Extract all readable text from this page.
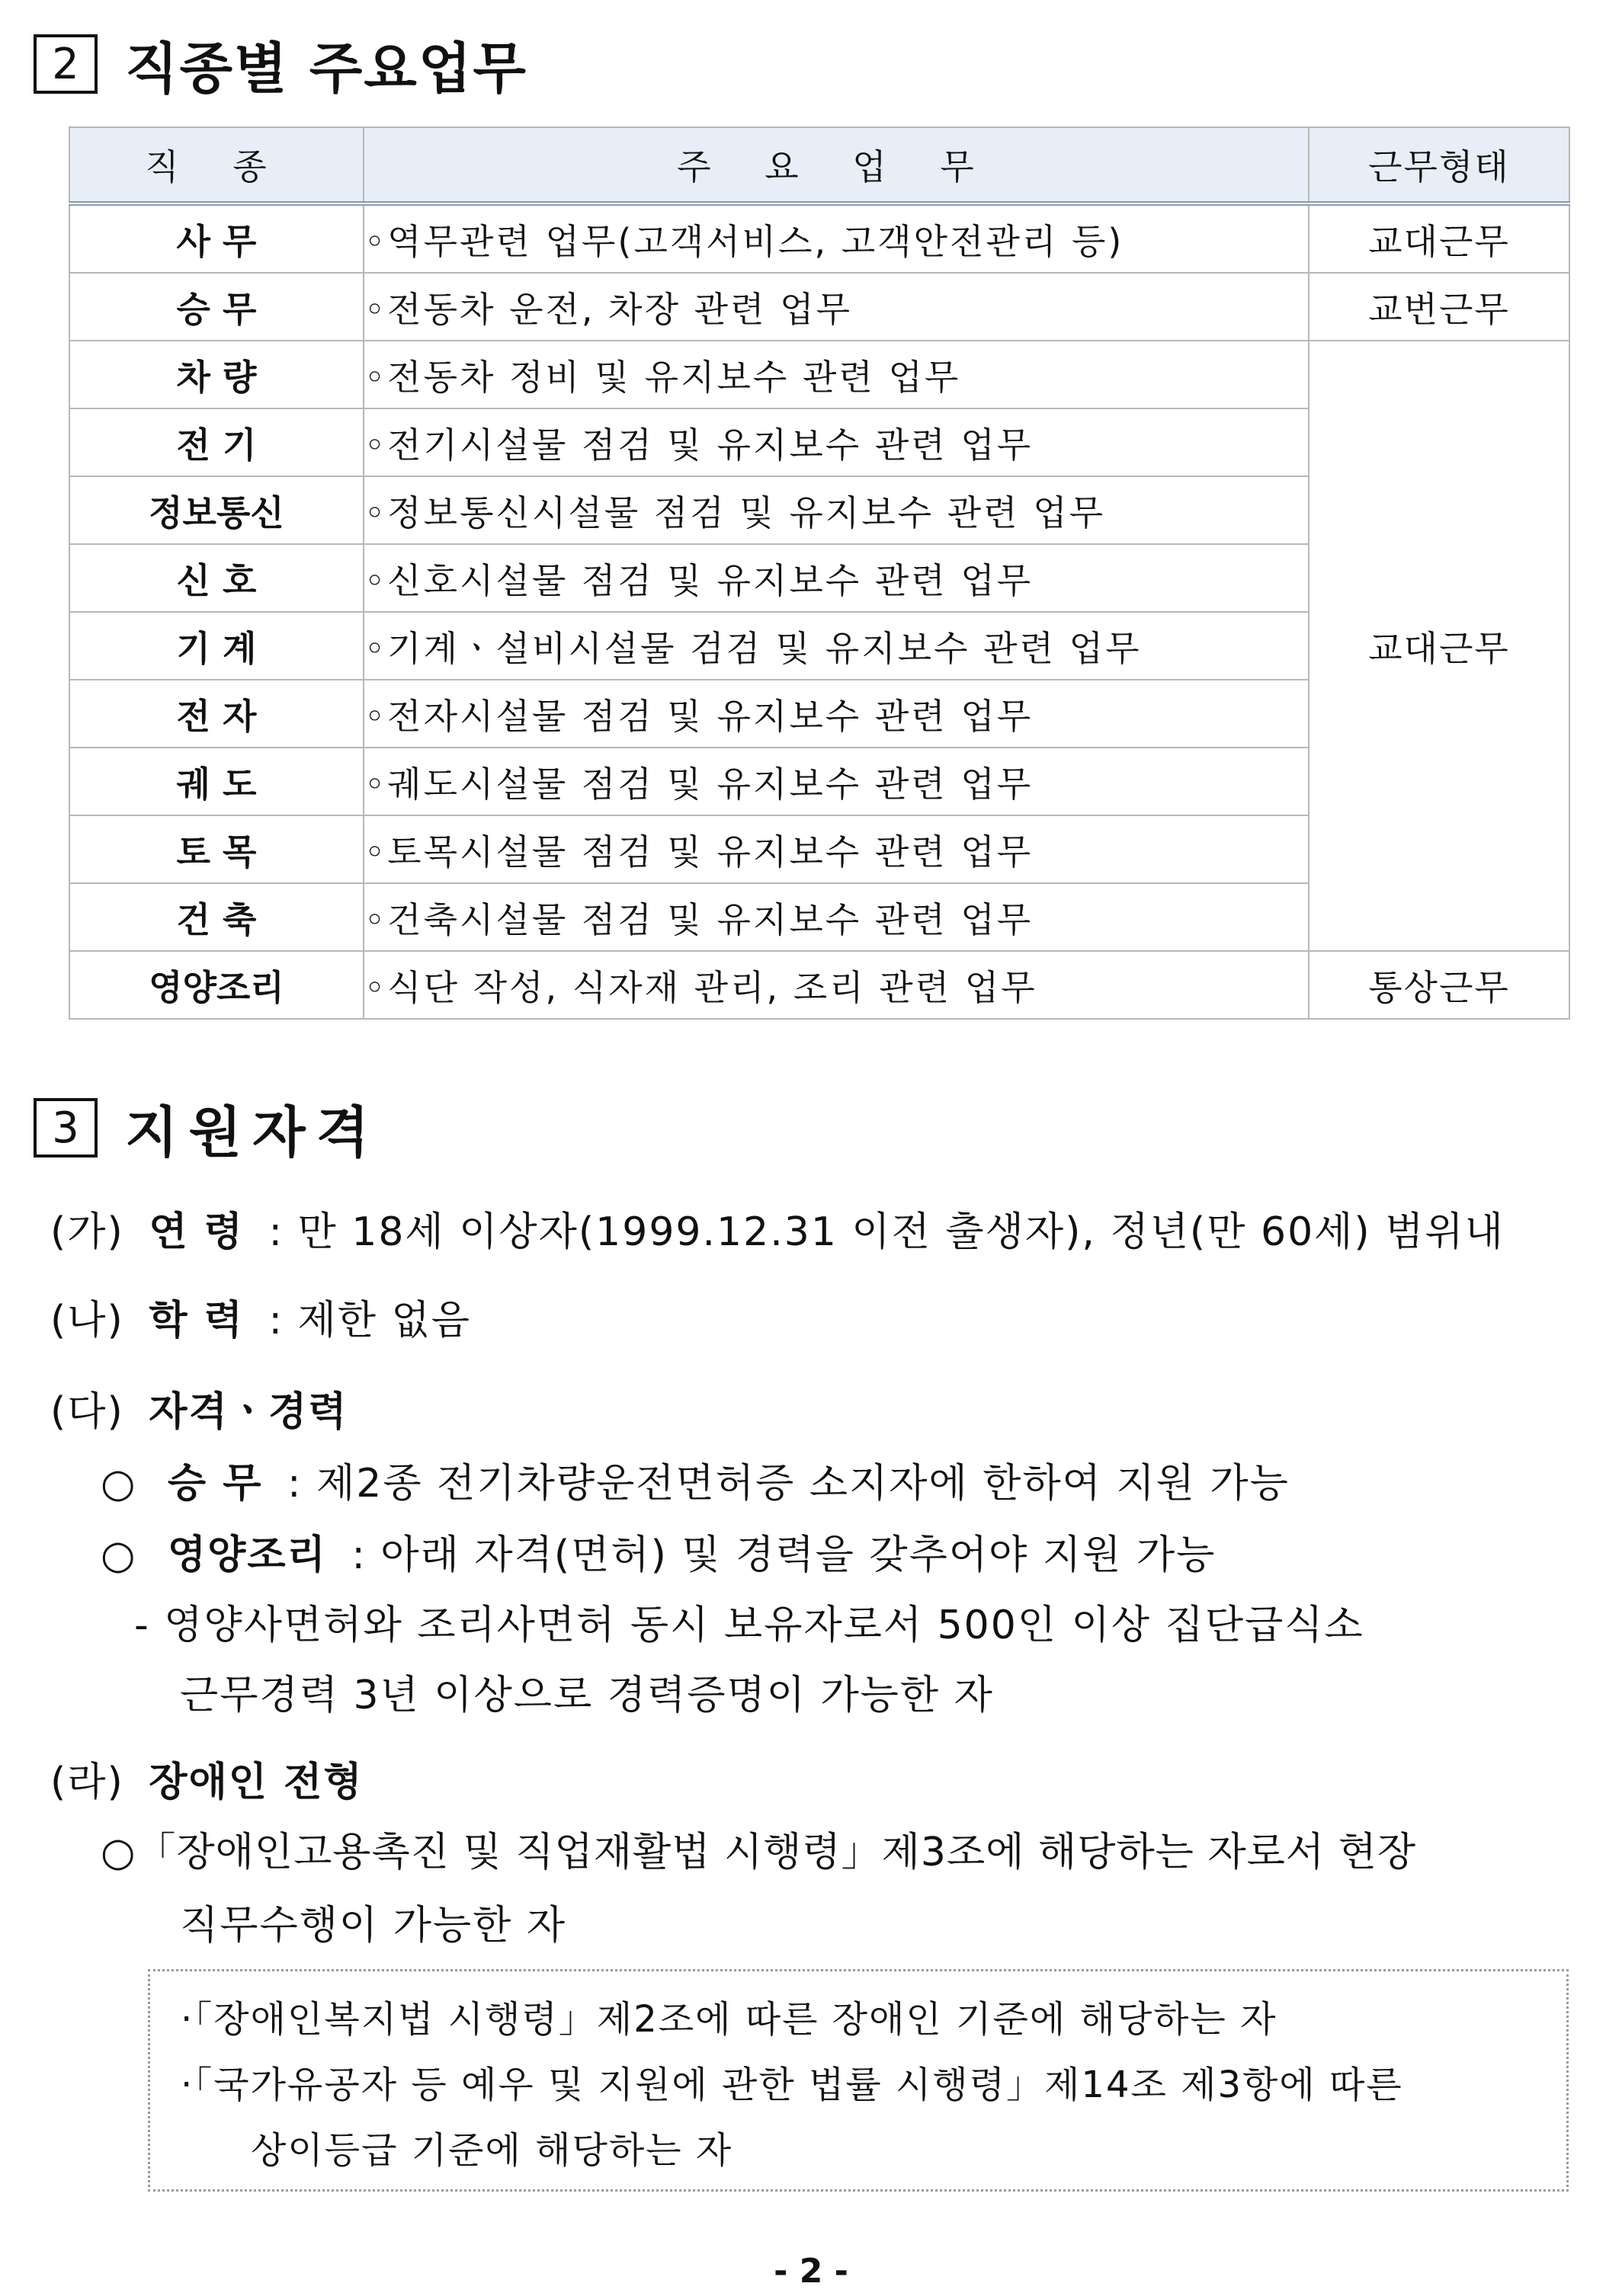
2 직종별 주요업무
직 종	주 요 업 무	근무형태
사 무	◦역무관련 업무(고객서비스, 고객안전관리 등)	교대근무
승 무	◦전동차 운전, 차장 관련 업무	교번근무
차 량	◦전동차 정비 및 유지보수 관련 업무	교대근무
전 기	◦전기시설물 점검 및 유지보수 관련 업무	
정보통신	◦정보통신시설물 점검 및 유지보수 관련 업무	
신 호	◦신호시설물 점검 및 유지보수 관련 업무	
기 계	◦기계ㆍ설비시설물 검검 및 유지보수 관련 업무	
전 자	◦전자시설물 점검 및 유지보수 관련 업무	
궤 도	◦궤도시설물 점검 및 유지보수 관련 업무	
토 목	◦토목시설물 점검 및 유지보수 관련 업무	
건 축	◦건축시설물 점검 및 유지보수 관련 업무	
영양조리	◦식단 작성, 식자재 관리, 조리 관련 업무	통상근무
3 지원자격
(가) 연 령 : 만 18세 이상자(1999.12.31 이전 출생자), 정년(만 60세) 범위내
(나) 학 력 : 제한 없음
(다) 자격ㆍ경력
○ 승 무 : 제2종 전기차량운전면허증 소지자에 한하여 지원 가능
○ 영양조리 : 아래 자격(면허) 및 경력을 갖추어야 지원 가능
- 영양사면허와 조리사면허 동시 보유자로서 500인 이상 집단급식소
근무경력 3년 이상으로 경력증명이 가능한 자
(라) 장애인 전형
○「장애인고용촉진 및 직업재활법 시행령」제3조에 해당하는 자로서 현장
직무수행이 가능한 자
·「장애인복지법 시행령」제2조에 따른 장애인 기준에 해당하는 자
·「국가유공자 등 예우 및 지원에 관한 법률 시행령」제14조 제3항에 따른
상이등급 기준에 해당하는 자
- 2 -
